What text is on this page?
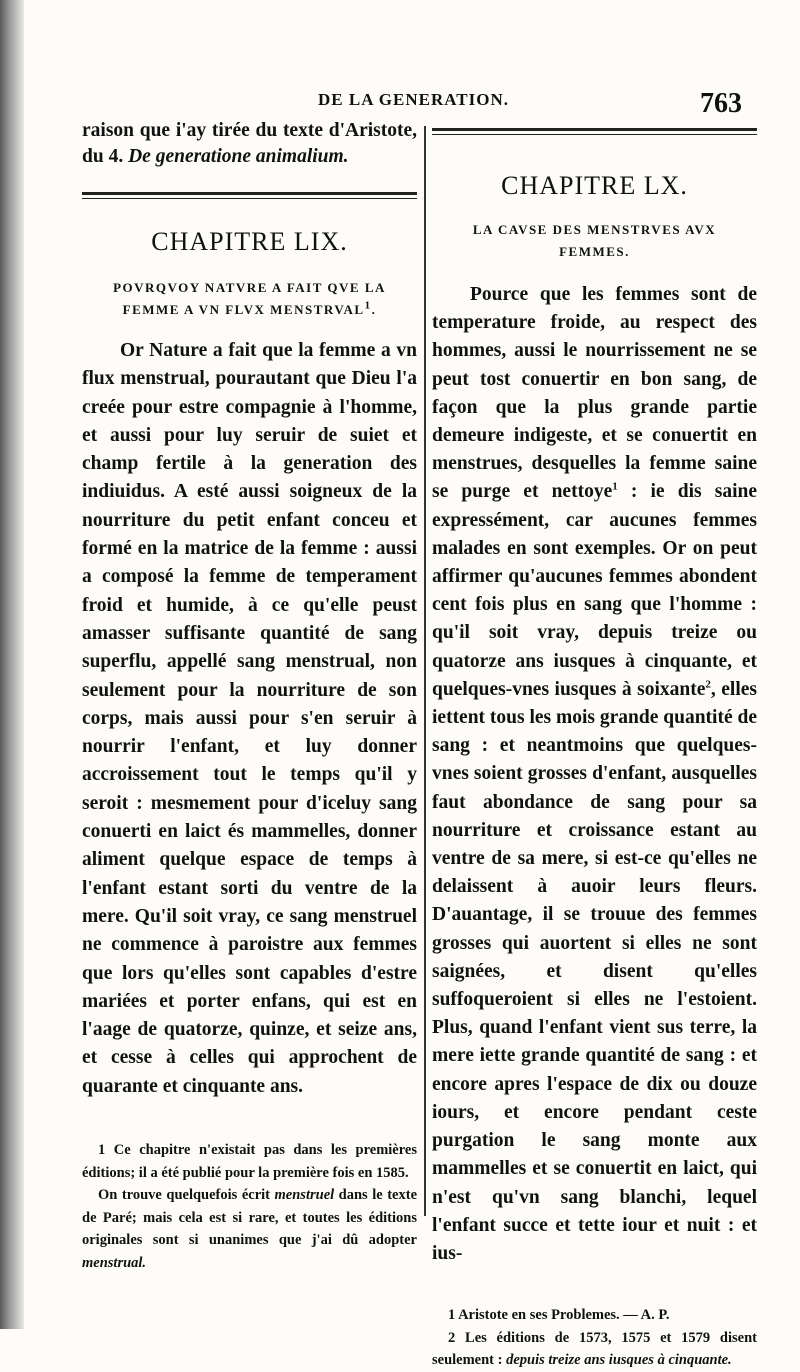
DE LA GENERATION.	763

raison que i'ay tirée du texte d'Aristote, du 4. De generatione animalium.

CHAPITRE LIX.

POVRQVOY NATVRE A FAIT QVE LA FEMME A VN FLVX MENSTRVAL$^1$.

Or Nature a fait que la femme a vn flux menstrual, pourautant que Dieu l'a creée pour estre compagnie à l'homme, et aussi pour luy seruir de suiet et champ fertile à la generation des indiuidus. A esté aussi soigneux de la nourriture du petit enfant conceu et formé en la matrice de la femme : aussi a composé la femme de temperament froid et humide, à ce qu'elle peust amasser suffisante quantité de sang superflu, appellé sang menstrual, non seulement pour la nourriture de son corps, mais aussi pour s'en seruir à nourrir l'enfant, et luy donner accroissement tout le temps qu'il y seroit : mesmement pour d'iceluy sang conuerti en laict és mammelles, donner aliment quelque espace de temps à l'enfant estant sorti du ventre de la mere. Qu'il soit vray, ce sang menstruel ne commence à paroistre aux femmes que lors qu'elles sont capables d'estre mariées et porter enfans, qui est en l'aage de quatorze, quinze, et seize ans, et cesse à celles qui approchent de quarante et cinquante ans.

1 Ce chapitre n'existait pas dans les premières éditions; il a été publié pour la première fois en 1585.

On trouve quelquefois écrit menstruel dans le texte de Paré; mais cela est si rare, et toutes les éditions originales sont si unanimes que j'ai dû adopter menstrual.

CHAPITRE LX.

LA CAVSE DES MENSTRVES AVX FEMMES.

Pource que les femmes sont de temperature froide, au respect des hommes, aussi le nourrissement ne se peut tost conuertir en bon sang, de façon que la plus grande partie demeure indigeste, et se conuertit en menstrues, desquelles la femme saine se purge et nettoye$^1$ : ie dis saine expressément, car aucunes femmes malades en sont exemples. Or on peut affirmer qu'aucunes femmes abondent cent fois plus en sang que l'homme : qu'il soit vray, depuis treize ou quatorze ans iusques à cinquante, et quelques-vnes iusques à soixante$^2$, elles iettent tous les mois grande quantité de sang : et neantmoins que quelques-vnes soient grosses d'enfant, ausquelles faut abondance de sang pour sa nourriture et croissance estant au ventre de sa mere, si est-ce qu'elles ne delaissent à auoir leurs fleurs. D'auantage, il se trouue des femmes grosses qui auortent si elles ne sont saignées, et disent qu'elles suffoqueroient si elles ne l'estoient. Plus, quand l'enfant vient sus terre, la mere iette grande quantité de sang : et encore apres l'espace de dix ou douze iours, et encore pendant ceste purgation le sang monte aux mammelles et se conuertit en laict, qui n'est qu'vn sang blanchi, lequel l'enfant succe et tette iour et nuit : et ius-

1 Aristote en ses Problemes. — A. P.

2 Les éditions de 1573, 1575 et 1579 disent seulement : depuis treize ans iusques à cinquante.
